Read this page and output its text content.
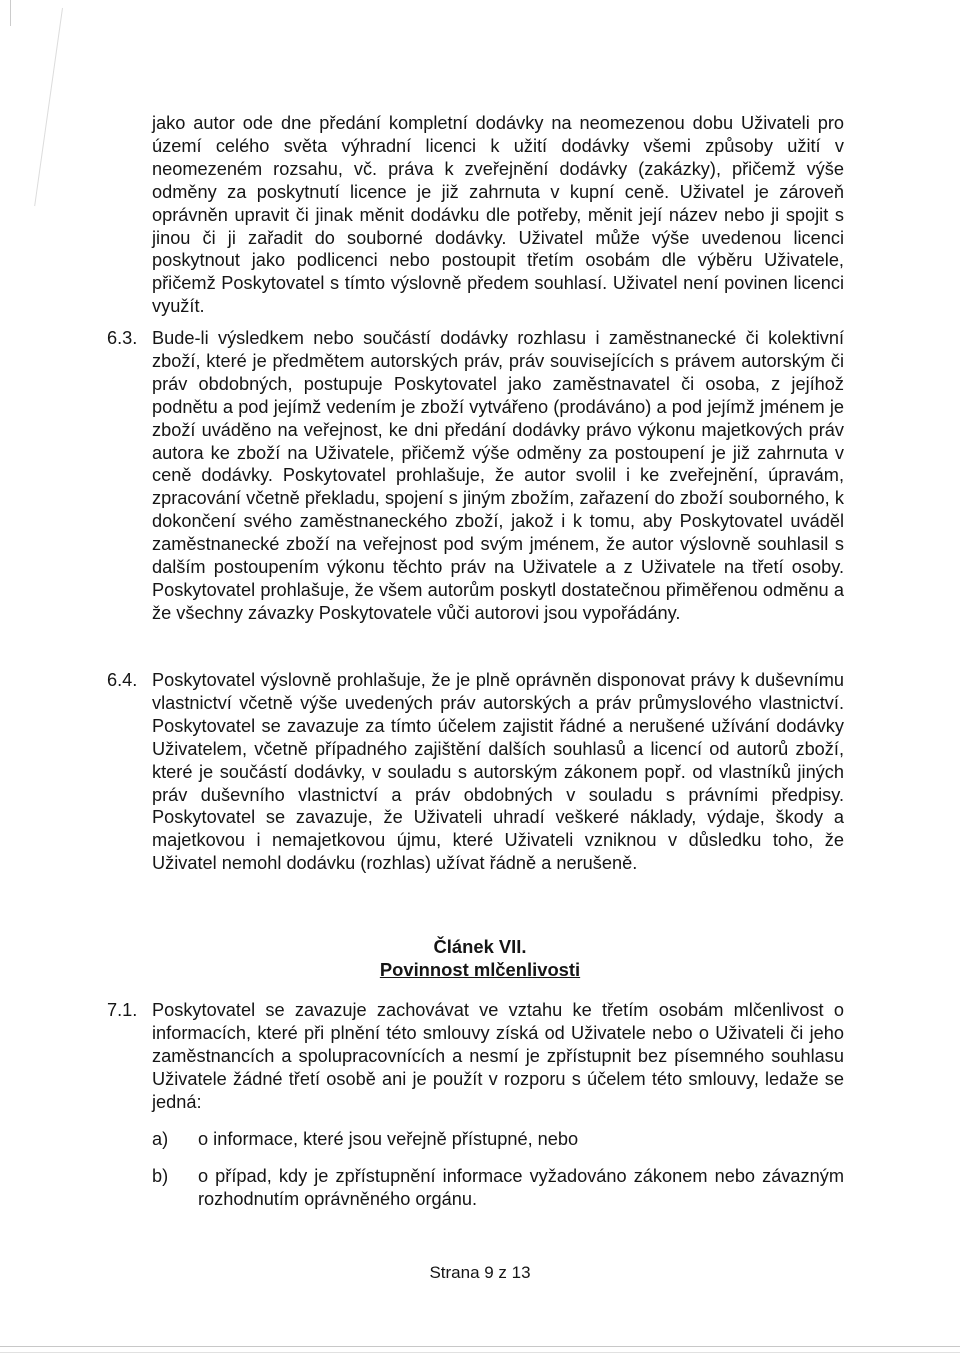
jako autor ode dne předání kompletní dodávky na neomezenou dobu Uživateli pro území celého světa výhradní licenci k užití dodávky všemi způsoby užití v neomezeném rozsahu, vč. práva k zveřejnění dodávky (zakázky), přičemž výše odměny za poskytnutí licence je již zahrnuta v kupní ceně. Uživatel je zároveň oprávněn upravit či jinak měnit dodávku dle potřeby, měnit její název nebo ji spojit s jinou či ji zařadit do souborné dodávky. Uživatel může výše uvedenou licenci poskytnout jako podlicenci nebo postoupit třetím osobám dle výběru Uživatele, přičemž Poskytovatel s tímto výslovně předem souhlasí. Uživatel není povinen licenci využít.

6.3. Bude-li výsledkem nebo součástí dodávky rozhlasu i zaměstnanecké či kolektivní zboží, které je předmětem autorských práv, práv souvisejících s právem autorským či práv obdobných, postupuje Poskytovatel jako zaměstnavatel či osoba, z jejíhož podnětu a pod jejímž vedením je zboží vytvářeno (prodáváno) a pod jejímž jménem je zboží uváděno na veřejnost, ke dni předání dodávky právo výkonu majetkových práv autora ke zboží na Uživatele, přičemž výše odměny za postoupení je již zahrnuta v ceně dodávky. Poskytovatel prohlašuje, že autor svolil i ke zveřejnění, úpravám, zpracování včetně překladu, spojení s jiným zbožím, zařazení do zboží souborného, k dokončení svého zaměstnaneckého zboží, jakož i k tomu, aby Poskytovatel uváděl zaměstnanecké zboží na veřejnost pod svým jménem, že autor výslovně souhlasil s dalším postoupením výkonu těchto práv na Uživatele a z Uživatele na třetí osoby. Poskytovatel prohlašuje, že všem autorům poskytl dostatečnou přiměřenou odměnu a že všechny závazky Poskytovatele vůči autorovi jsou vypořádány.

6.4. Poskytovatel výslovně prohlašuje, že je plně oprávněn disponovat právy k duševnímu vlastnictví včetně výše uvedených práv autorských a práv průmyslového vlastnictví. Poskytovatel se zavazuje za tímto účelem zajistit řádné a nerušené užívání dodávky Uživatelem, včetně případného zajištění dalších souhlasů a licencí od autorů zboží, které je součástí dodávky, v souladu s autorským zákonem popř. od vlastníků jiných práv duševního vlastnictví a práv obdobných v souladu s právními předpisy. Poskytovatel se zavazuje, že Uživateli uhradí veškeré náklady, výdaje, škody a majetkovou i nemajetkovou újmu, které Uživateli vzniknou v důsledku toho, že Uživatel nemohl dodávku (rozhlas) užívat řádně a nerušeně.

Článek VII.
Povinnost mlčenlivosti
7.1. Poskytovatel se zavazuje zachovávat ve vztahu ke třetím osobám mlčenlivost o informacích, které při plnění této smlouvy získá od Uživatele nebo o Uživateli či jeho zaměstnancích a spolupracovnících a nesmí je zpřístupnit bez písemného souhlasu Uživatele žádné třetí osobě ani je použít v rozporu s účelem této smlouvy, ledaže se jedná:

a) o informace, které jsou veřejně přístupné, nebo

b) o případ, kdy je zpřístupnění informace vyžadováno zákonem nebo závazným rozhodnutím oprávněného orgánu.

Strana 9 z 13
